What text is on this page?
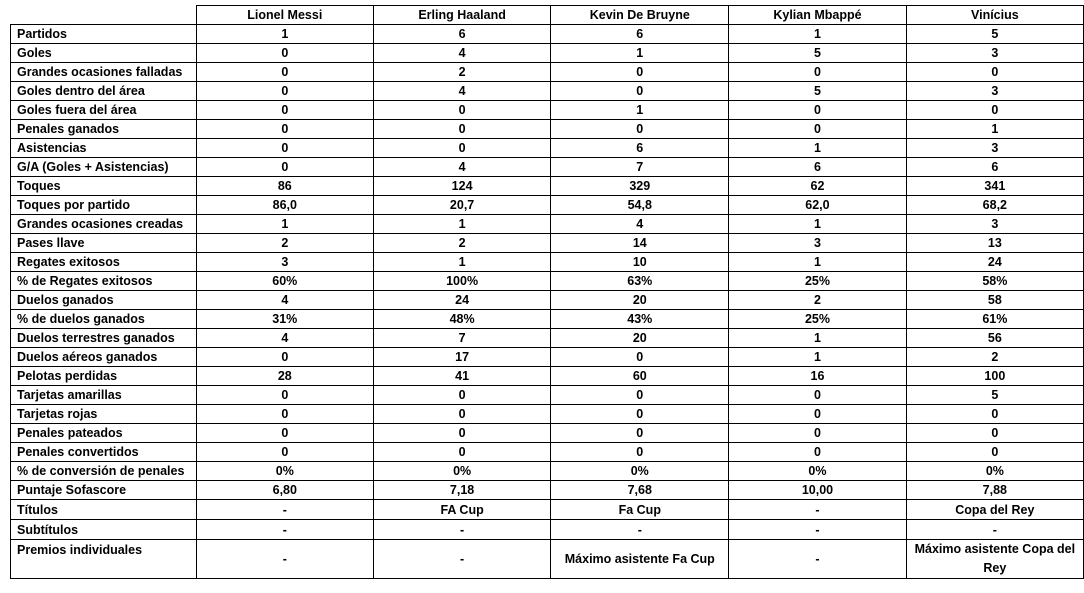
	Lionel Messi	Erling Haaland	Kevin De Bruyne	Kylian Mbappé	Vinícius
Partidos	1	6	6	1	5
Goles	0	4	1	5	3
Grandes ocasiones falladas	0	2	0	0	0
Goles dentro del área	0	4	0	5	3
Goles fuera del área	0	0	1	0	0
Penales ganados	0	0	0	0	1
Asistencias	0	0	6	1	3
G/A (Goles + Asistencias)	0	4	7	6	6
Toques	86	124	329	62	341
Toques por partido	86,0	20,7	54,8	62,0	68,2
Grandes ocasiones creadas	1	1	4	1	3
Pases llave	2	2	14	3	13
Regates exitosos	3	1	10	1	24
% de Regates exitosos	60%	100%	63%	25%	58%
Duelos ganados	4	24	20	2	58
% de duelos ganados	31%	48%	43%	25%	61%
Duelos terrestres ganados	4	7	20	1	56
Duelos aéreos ganados	0	17	0	1	2
Pelotas perdidas	28	41	60	16	100
Tarjetas amarillas	0	0	0	0	5
Tarjetas rojas	0	0	0	0	0
Penales pateados	0	0	0	0	0
Penales convertidos	0	0	0	0	0
% de conversión de penales	0%	0%	0%	0%	0%
Puntaje Sofascore	6,80	7,18	7,68	10,00	7,88
Títulos	-	FA Cup	Fa Cup	-	Copa del Rey
Subtítulos	-	-	-	-	-
Premios individuales	-	-	Máximo asistente Fa Cup	-	Máximo asistente Copa del Rey
